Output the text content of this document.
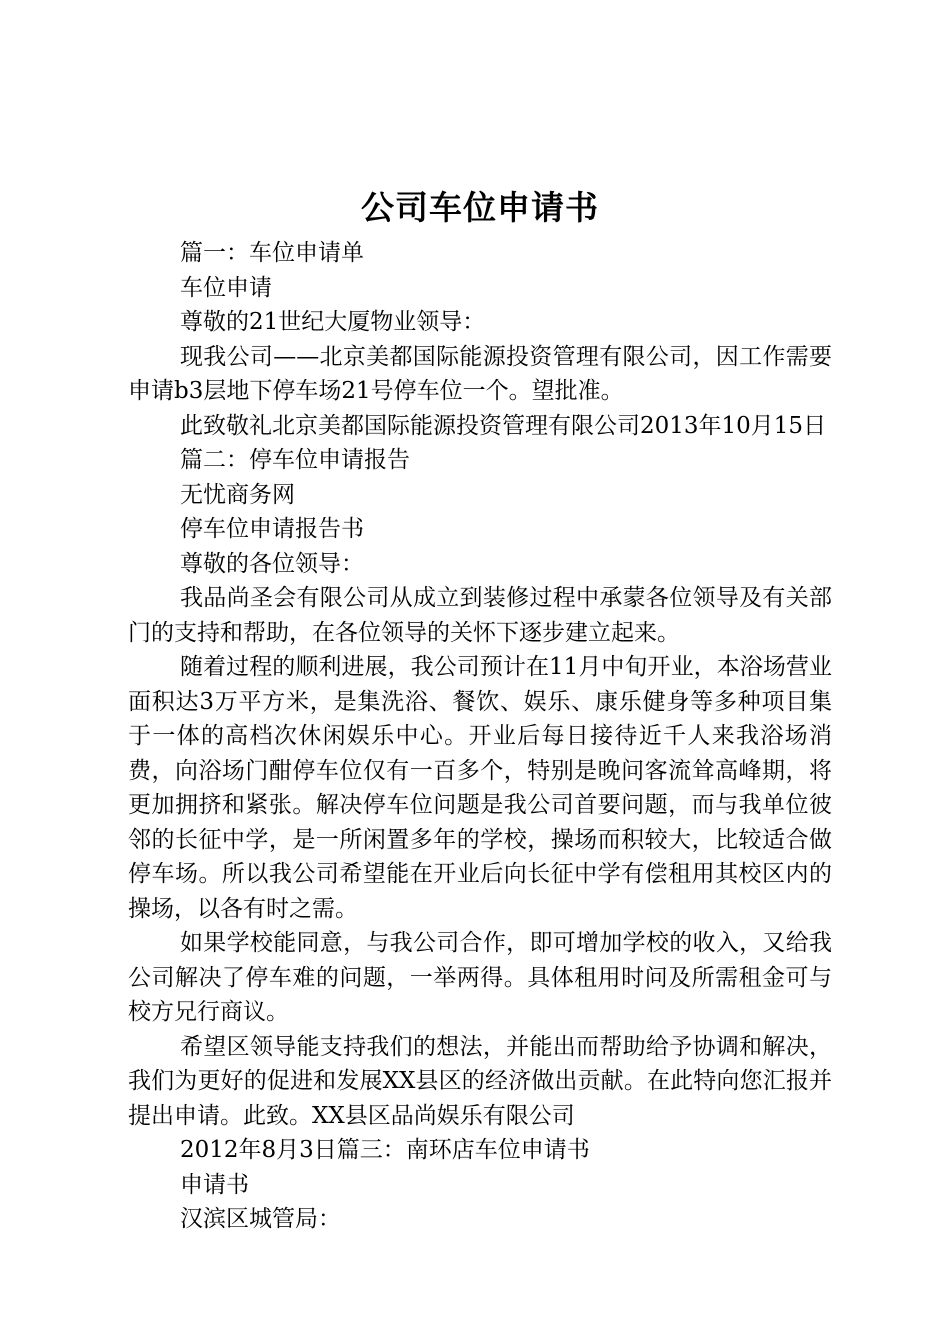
公司车位申请书

篇一：车位申请单

车位申请

尊敬的21世纪大厦物业领导：

现我公司——北京美都国际能源投资管理有限公司，因工作需要申请b3层地下停车场21号停车位一个。望批准。

此致敬礼北京美都国际能源投资管理有限公司2013年10月15日

篇二：停车位申请报告

无忧商务网

停车位申请报告书

尊敬的各位领导：

我品尚圣会有限公司从成立到装修过程中承蒙各位领导及有关部门的支持和帮助，在各位领导的关怀下逐步建立起来。

随着过程的顺利进展，我公司预计在11月中旬开业，本浴场营业面积达3万平方米，是集洗浴、餐饮、娱乐、康乐健身等多种项目集于一体的高档次休闲娱乐中心。开业后每日接待近千人来我浴场消费，向浴场门酣停车位仅有一百多个，特别是晚问客流耸高峰期，将更加拥挤和紧张。解决停车位问题是我公司首要问题，而与我单位彼邻的长征中学，是一所闲置多年的学校，操场而积较大，比较适合做停车场。所以我公司希望能在开业后向长征中学有偿租用其校区内的操场，以各有时之需。

如果学校能同意，与我公司合作，即可增加学校的收入，又给我公司解决了停车难的问题，一举两得。具体租用时问及所需租金可与校方兄行商议。

希望区领导能支持我们的想法，并能出而帮助给予协调和解决，我们为更好的促进和发展XX县区的经济做出贡献。在此特向您汇报并提出申请。此致。XX县区品尚娱乐有限公司

2012年8月3日篇三：南环店车位申请书

申请书

汉滨区城管局：
